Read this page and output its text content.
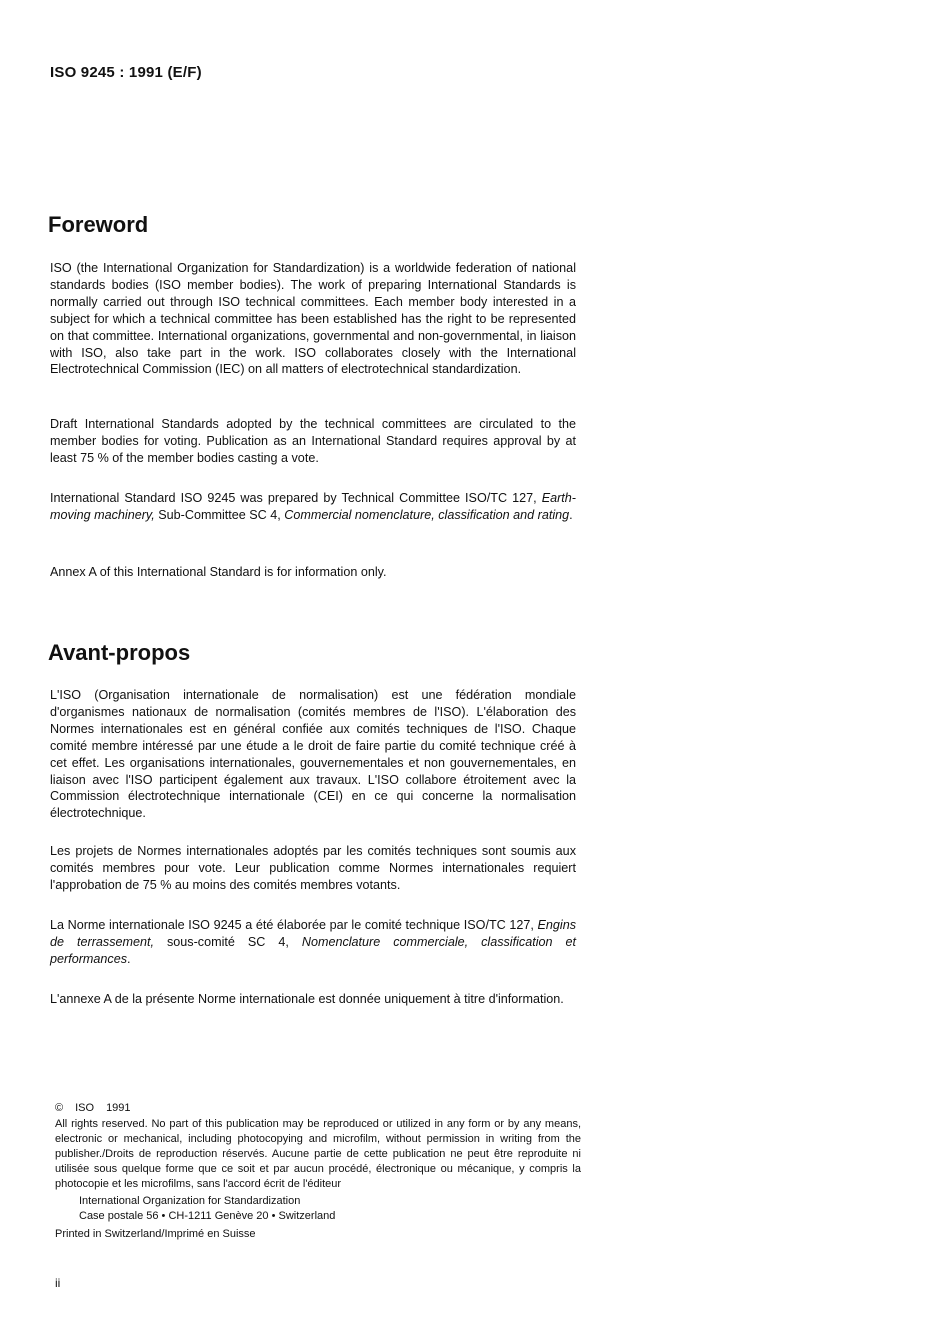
ISO 9245 : 1991 (E/F)
Foreword

ISO (the International Organization for Standardization) is a worldwide federation of national standards bodies (ISO member bodies). The work of preparing International Standards is normally carried out through ISO technical committees. Each member body interested in a subject for which a technical committee has been established has the right to be represented on that committee. International organizations, governmental and non-governmental, in liaison with ISO, also take part in the work. ISO collaborates closely with the International Electrotechnical Commission (IEC) on all matters of electrotechnical standardization.

Draft International Standards adopted by the technical committees are circulated to the member bodies for voting. Publication as an International Standard requires approval by at least 75 % of the member bodies casting a vote.

International Standard ISO 9245 was prepared by Technical Committee ISO/TC 127, Earth-moving machinery, Sub-Committee SC 4, Commercial nomenclature, classification and rating.

Annex A of this International Standard is for information only.

Avant-propos

L'ISO (Organisation internationale de normalisation) est une fédération mondiale d'organismes nationaux de normalisation (comités membres de l'ISO). L'élaboration des Normes internationales est en général confiée aux comités techniques de l'ISO. Chaque comité membre intéressé par une étude a le droit de faire partie du comité technique créé à cet effet. Les organisations internationales, gouvernementales et non gouvernementales, en liaison avec l'ISO participent également aux travaux. L'ISO collabore étroitement avec la Commission électrotechnique internationale (CEI) en ce qui concerne la normalisation électrotechnique.

Les projets de Normes internationales adoptés par les comités techniques sont soumis aux comités membres pour vote. Leur publication comme Normes internationales requiert l'approbation de 75 % au moins des comités membres votants.

La Norme internationale ISO 9245 a été élaborée par le comité technique ISO/TC 127, Engins de terrassement, sous-comité SC 4, Nomenclature commerciale, classification et performances.

L'annexe A de la présente Norme internationale est donnée uniquement à titre d'information.

© ISO 1991

All rights reserved. No part of this publication may be reproduced or utilized in any form or by any means, electronic or mechanical, including photocopying and microfilm, without permission in writing from the publisher./Droits de reproduction réservés. Aucune partie de cette publication ne peut être reproduite ni utilisée sous quelque forme que ce soit et par aucun procédé, électronique ou mécanique, y compris la photocopie et les microfilms, sans l'accord écrit de l'éditeur

International Organization for Standardization
Case postale 56 • CH-1211 Genève 20 • Switzerland
Printed in Switzerland/Imprimé en Suisse
ii
